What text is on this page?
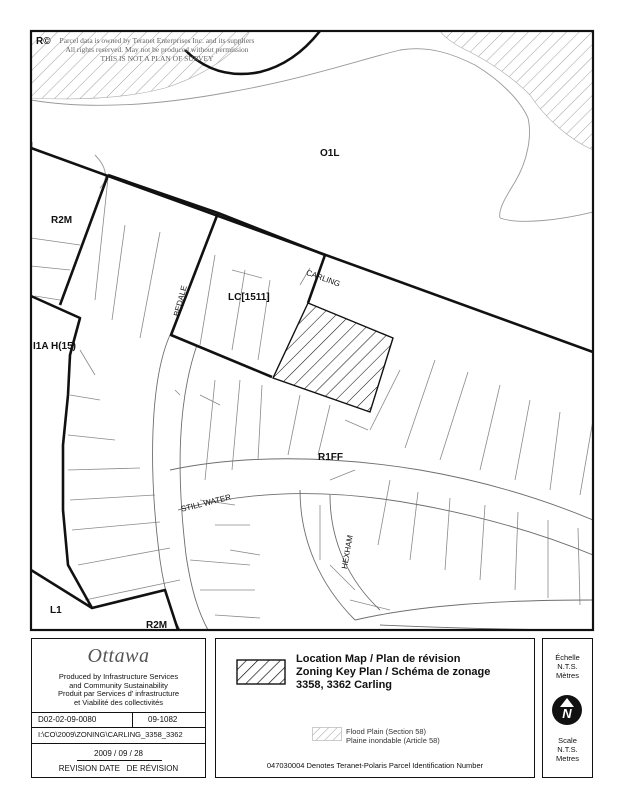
R©	Parcel data is owned by Teranet Enterprises Inc. and its suppliers
All rights reserved. May not be produced without permission
THIS IS NOT A PLAN OF SURVEY
O1L
R2M
LC[1511]
I1A H(15)
R1FF
L1
R2M
CARLING
BEDALE
STILL WATER
HEXHAM
Ottawa
Produced by Infrastructure Services
and Community Sustainability
Produit par Services d' infrastructure
et Viabilité des collectivités
D02-02-09-0080	09-1082
I:\CO\2009\ZONING\CARLING_3358_3362
2009 / 09 / 28
REVISION DATE   DE RÉVISION
Location Map / Plan de révision
Zoning Key Plan / Schéma de zonage
3358, 3362 Carling
Flood Plain (Section 58)
Plaine inondable (Article 58)
047030004 Denotes Teranet-Polaris Parcel Identification Number
Échelle
N.T.S.
Mètres
N
Scale
N.T.S.
Metres
